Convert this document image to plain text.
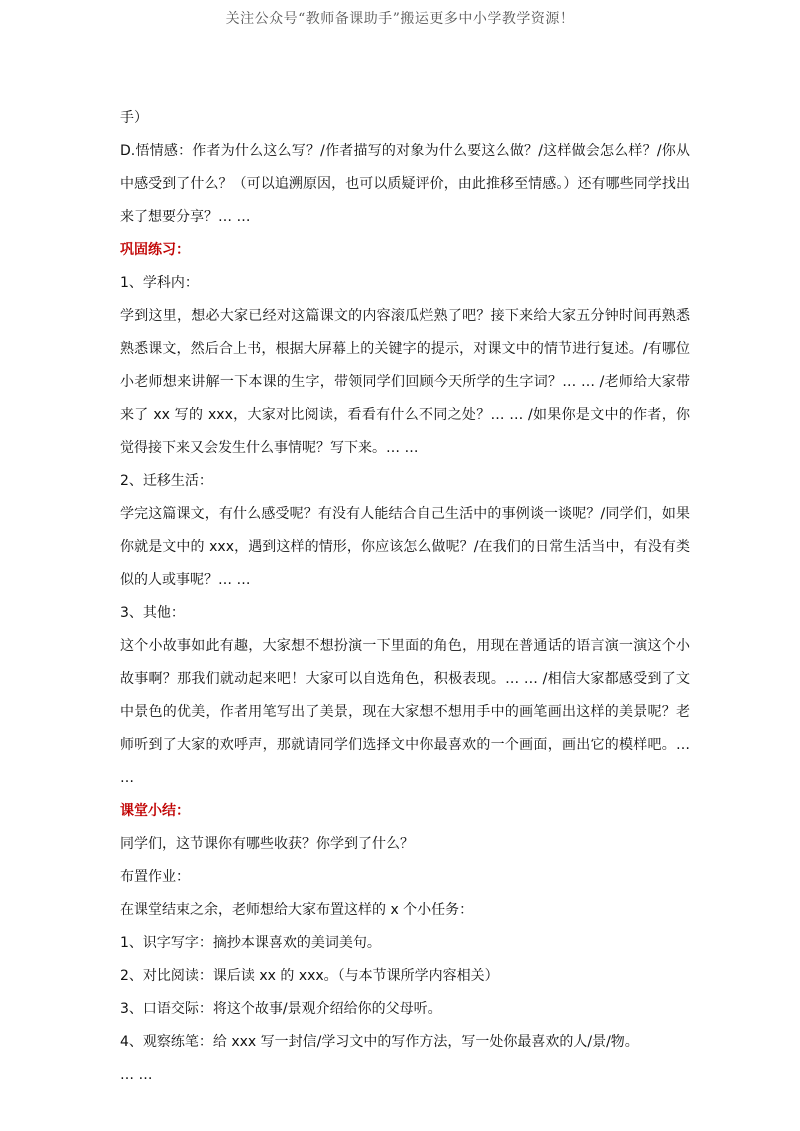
关注公众号“教师备课助手”搬运更多中小学教学资源！

手）

D.悟情感：作者为什么这么写？/作者描写的对象为什么要这么做？/这样做会怎么样？/你从中感受到了什么？（可以追溯原因，也可以质疑评价，由此推移至情感。）还有哪些同学找出来了想要分享？… …

巩固练习：

1、学科内：

学到这里，想必大家已经对这篇课文的内容滚瓜烂熟了吧？接下来给大家五分钟时间再熟悉熟悉课文，然后合上书，根据大屏幕上的关键字的提示，对课文中的情节进行复述。/有哪位小老师想来讲解一下本课的生字，带领同学们回顾今天所学的生字词？… … /老师给大家带来了 xx 写的 xxx，大家对比阅读，看看有什么不同之处？… … /如果你是文中的作者，你觉得接下来又会发生什么事情呢？写下来。… …

2、迁移生活：

学完这篇课文，有什么感受呢？有没有人能结合自己生活中的事例谈一谈呢？/同学们，如果你就是文中的 xxx，遇到这样的情形，你应该怎么做呢？/在我们的日常生活当中，有没有类似的人或事呢？… …

3、其他：

这个小故事如此有趣，大家想不想扮演一下里面的角色，用现在普通话的语言演一演这个小故事啊？那我们就动起来吧！大家可以自选角色，积极表现。… … /相信大家都感受到了文中景色的优美，作者用笔写出了美景，现在大家想不想用手中的画笔画出这样的美景呢？老师听到了大家的欢呼声，那就请同学们选择文中你最喜欢的一个画面，画出它的模样吧。… …

课堂小结：

同学们，这节课你有哪些收获？你学到了什么？

布置作业：

在课堂结束之余，老师想给大家布置这样的 x 个小任务：

1、识字写字：摘抄本课喜欢的美词美句。

2、对比阅读：课后读 xx 的 xxx。（与本节课所学内容相关）

3、口语交际：将这个故事/景观介绍给你的父母听。

4、观察练笔：给 xxx 写一封信/学习文中的写作方法，写一处你最喜欢的人/景/物。

… …
